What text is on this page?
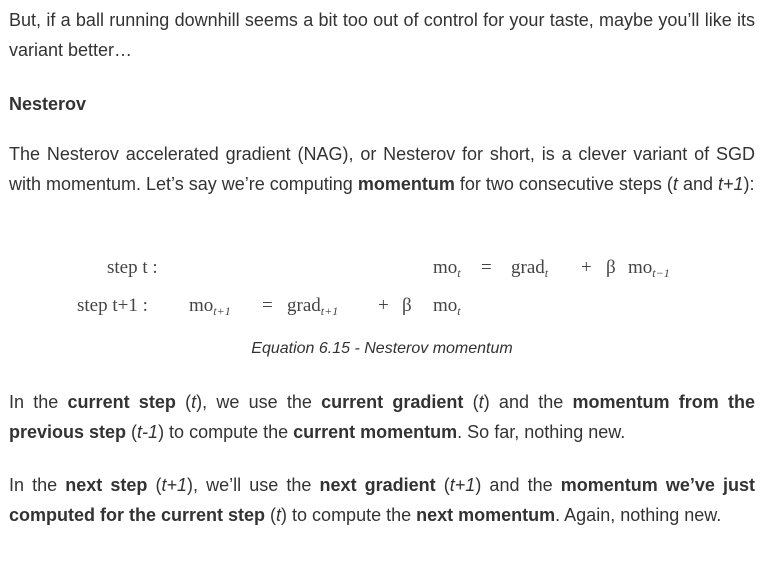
But, if a ball running downhill seems a bit too out of control for your taste, maybe you’ll like its variant better…

Nesterov

The Nesterov accelerated gradient (NAG), or Nesterov for short, is a clever variant of SGD with momentum. Let’s say we’re computing momentum for two consecutive steps (t and t+1):

step t :	$mo_t$ = grad$_t$ + β $mo_{t-1}$
step t+1 : $mo_{t+1}$ = grad$_{t+1}$ + β $mo_t$
Equation 6.15 - Nesterov momentum

In the current step (t), we use the current gradient (t) and the momentum from the previous step (t-1) to compute the current momentum. So far, nothing new.

In the next step (t+1), we’ll use the next gradient (t+1) and the momentum we’ve just computed for the current step (t) to compute the next momentum. Again, nothing new.
